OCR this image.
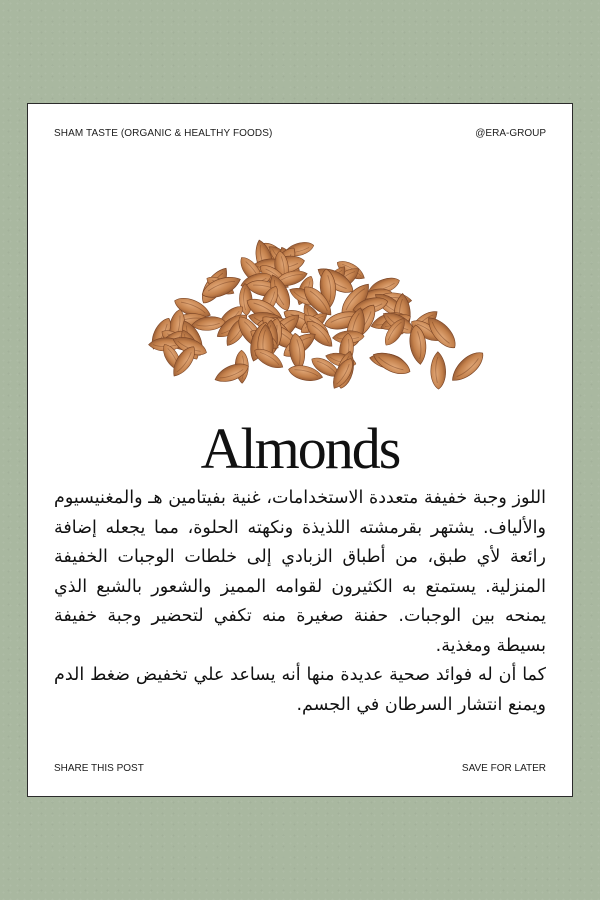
SHAM TASTE (ORGANIC & HEALTHY FOODS)	@ERA-GROUP
Almonds

اللوز وجبة خفيفة متعددة الاستخدامات، غنية بفيتامين هـ والمغنيسيوم والألياف. يشتهر بقرمشته اللذيذة ونكهته الحلوة، مما يجعله إضافة رائعة لأي طبق، من أطباق الزبادي إلى خلطات الوجبات الخفيفة المنزلية. يستمتع به الكثيرون لقوامه المميز والشعور بالشبع الذي يمنحه بين الوجبات. حفنة صغيرة منه تكفي لتحضير وجبة خفيفة بسيطة ومغذية.

كما أن له فوائد صحية عديدة منها أنه يساعد علي تخفيض ضغط الدم ويمنع انتشار السرطان في الجسم.

SHARE THIS POST	SAVE FOR LATER
